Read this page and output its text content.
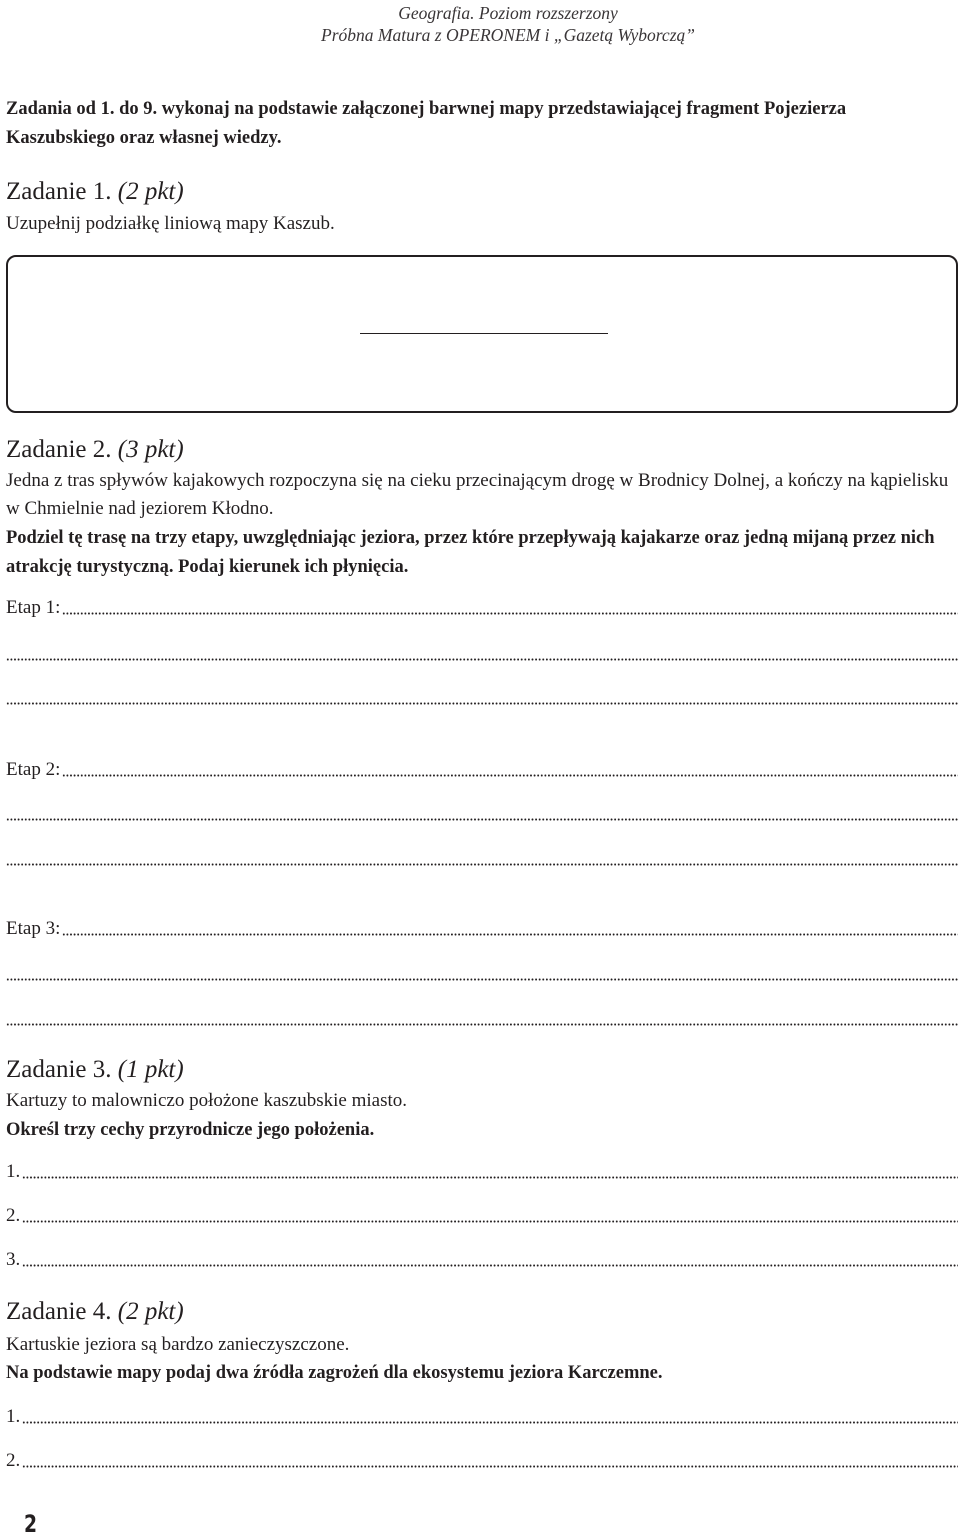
Geografia. Poziom rozszerzony
Próbna Matura z OPERONEM i „Gazetą Wyborczą”
Zadania od 1. do 9. wykonaj na podstawie załączonej barwnej mapy przedstawiającej fragment Pojezierza Kaszubskiego oraz własnej wiedzy.
Zadanie 1. (2 pkt)
Uzupełnij podziałkę liniową mapy Kaszub.
Zadanie 2. (3 pkt)
Jedna z tras spływów kajakowych rozpoczyna się na cieku przecinającym drogę w Brodnicy Dolnej, a kończy na kąpielisku w Chmielnie nad jeziorem Kłodno.
Podziel tę trasę na trzy etapy, uwzględniając jeziora, przez które przepływają kajakarze oraz jedną mijaną przez nich atrakcję turystyczną. Podaj kierunek ich płynięcia.
Etap 1:
Etap 2:
Etap 3:
Zadanie 3. (1 pkt)
Kartuzy to malowniczo położone kaszubskie miasto.
Określ trzy cechy przyrodnicze jego położenia.
1.
2.
3.
Zadanie 4. (2 pkt)
Kartuskie jeziora są bardzo zanieczyszczone.
Na podstawie mapy podaj dwa źródła zagrożeń dla ekosystemu jeziora Karczemne.
1.
2.
2
